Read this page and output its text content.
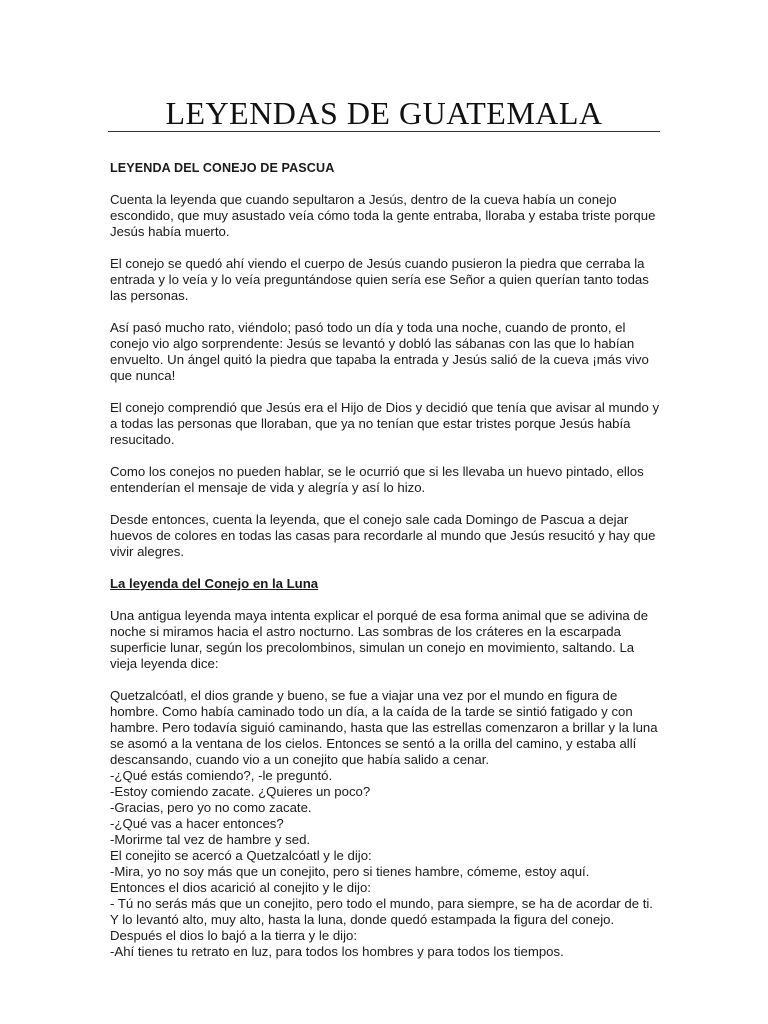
LEYENDAS DE GUATEMALA

LEYENDA DEL CONEJO DE PASCUA

Cuenta la leyenda que cuando sepultaron a Jesús, dentro de la cueva había un conejo escondido, que muy asustado veía cómo toda la gente entraba, lloraba y estaba triste porque Jesús había muerto.

El conejo se quedó ahí viendo el cuerpo de Jesús cuando pusieron la piedra que cerraba la entrada y lo veía y lo veía preguntándose quien sería ese Señor a quien querían tanto todas las personas.

Así pasó mucho rato, viéndolo; pasó todo un día y toda una noche, cuando de pronto, el conejo vio algo sorprendente: Jesús se levantó y dobló las sábanas con las que lo habían envuelto. Un ángel quitó la piedra que tapaba la entrada y Jesús salió de la cueva ¡más vivo que nunca!

El conejo comprendió que Jesús era el Hijo de Dios y decidió que tenía que avisar al mundo y a todas las personas que lloraban, que ya no tenían que estar tristes porque Jesús había resucitado.

Como los conejos no pueden hablar, se le ocurrió que si les llevaba un huevo pintado, ellos entenderían el mensaje de vida y alegría y así lo hizo.

Desde entonces, cuenta la leyenda, que el conejo sale cada Domingo de Pascua a dejar huevos de colores en todas las casas para recordarle al mundo que Jesús resucitó y hay que vivir alegres.

La leyenda del Conejo en la Luna

Una antigua leyenda maya intenta explicar el porqué de esa forma animal que se adivina de noche si miramos hacia el astro nocturno. Las sombras de los cráteres en la escarpada superficie lunar, según los precolombinos, simulan un conejo en movimiento, saltando. La vieja leyenda dice:

Quetzalcóatl, el dios grande y bueno, se fue a viajar una vez por el mundo en figura de hombre. Como había caminado todo un día, a la caída de la tarde se sintió fatigado y con hambre. Pero todavía siguió caminando, hasta que las estrellas comenzaron a brillar y la luna se asomó a la ventana de los cielos. Entonces se sentó a la orilla del camino, y estaba allí descansando, cuando vio a un conejito que había salido a cenar.
-¿Qué estás comiendo?, -le preguntó.
-Estoy comiendo zacate. ¿Quieres un poco?
-Gracias, pero yo no como zacate.
-¿Qué vas a hacer entonces?
-Morirme tal vez de hambre y sed.
El conejito se acercó a Quetzalcóatl y le dijo:
-Mira, yo no soy más que un conejito, pero si tienes hambre, cómeme, estoy aquí.
Entonces el dios acarició al conejito y le dijo:
- Tú no serás más que un conejito, pero todo el mundo, para siempre, se ha de acordar de ti.
Y lo levantó alto, muy alto, hasta la luna, donde quedó estampada la figura del conejo. Después el dios lo bajó a la tierra y le dijo:
-Ahí tienes tu retrato en luz, para todos los hombres y para todos los tiempos.
